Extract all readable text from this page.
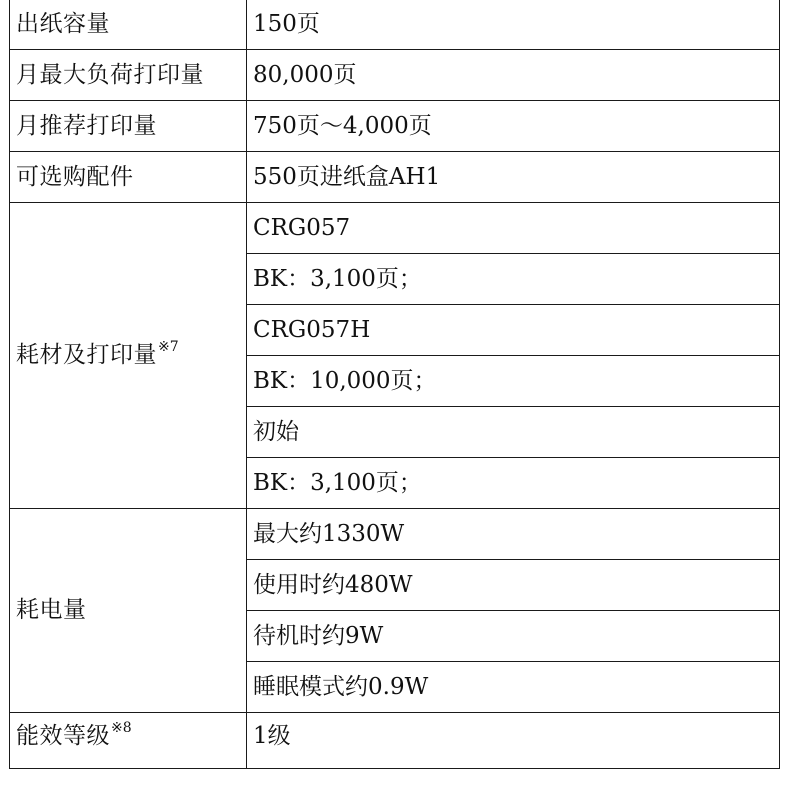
出纸容量	150页
月最大负荷打印量	80,000页
月推荐打印量	750页～4,000页
可选购配件	550页进纸盒AH1
耗材及打印量$^{※7}$	CRG057
	BK：3,100页；
	CRG057H
	BK：10,000页；
	初始
	BK：3,100页；
耗电量	最大约1330W
	使用时约480W
	待机时约9W
	睡眠模式约0.9W
能效等级$^{※8}$	1级
